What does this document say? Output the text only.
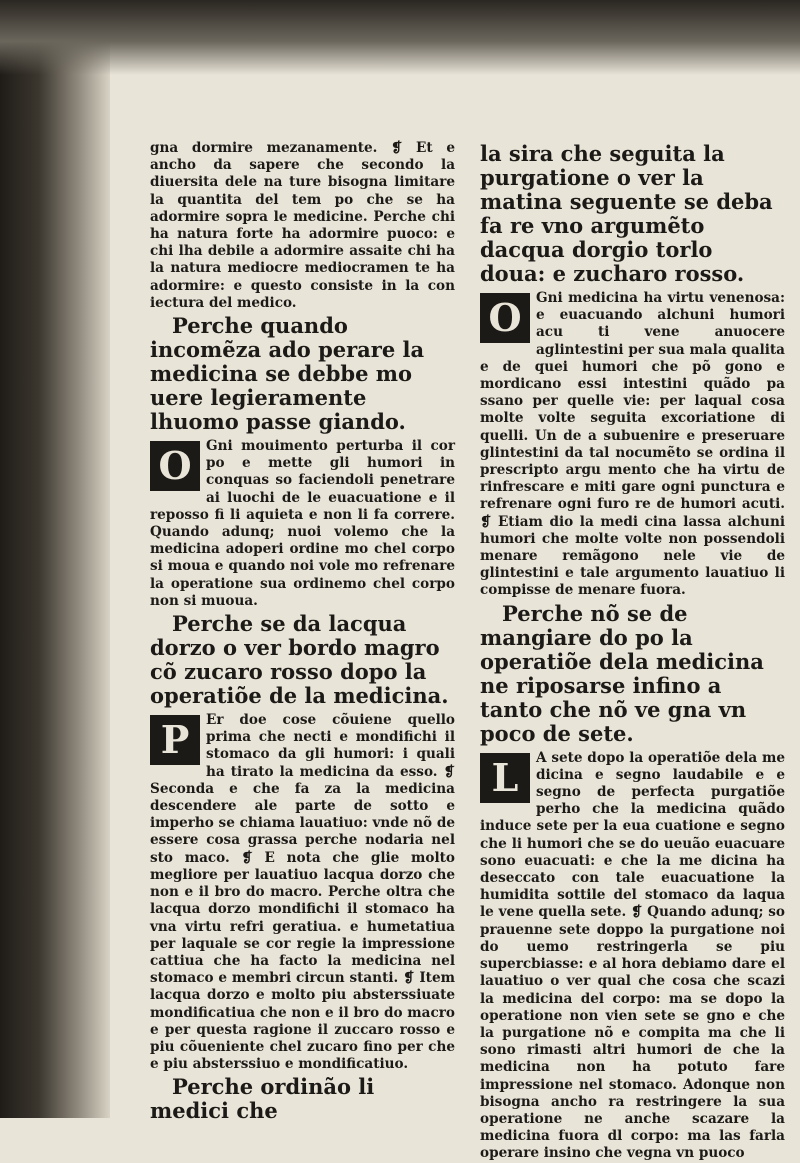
gna dormire mezanamente. ❡ Et e ancho da sapere che secondo la diuersita dele na ture bisogna limitare la quantita del tem po che se ha adormire sopra le medicine. Perche chi ha natura forte ha adormire puoco: e chi lha debile a adormire assaite chi ha la natura mediocre mediocramen te ha adormire: e questo consiste in la con iectura del medico.

Perche quando incomẽza ado perare la medicina se debbe mo uere legieramente lhuomo passe giando.

O	Gni mouimento perturba il cor po e mette gli humori in conquas so faciendoli penetrare ai luochi de le euacuatione e il reposso fi li aquieta e non li fa correre. Quando adunq; nuoi volemo che la medicina adoperi ordine mo chel corpo si moua e quando noi vole mo refrenare la operatione sua ordinemo chel corpo non si muoua.

Perche se da lacqua dorzo o ver bordo magro cõ zucaro rosso dopo la operatiõe de la medicina.

P	Er doe cose cõuiene quello prima che necti e mondifichi il stomaco da gli humori: i quali ha tirato la medicina da esso. ❡ Seconda e che fa za la medicina descendere ale parte de sotto e imperho se chiama lauatiuo: vnde nõ de essere cosa grassa perche nodaria nel sto maco. ❡ E nota che glie molto megliore per lauatiuo lacqua dorzo che non e il bro do macro. Perche oltra che lacqua dorzo mondifichi il stomaco ha vna virtu refri geratiua. e humetatiua per laquale se cor regie la impressione cattiua che ha facto la medicina nel stomaco e membri circun stanti. ❡ Item lacqua dorzo e molto piu absterssiuate mondificatiua che non e il bro do macro e per questa ragione il zuccaro rosso e piu cõueniente chel zucaro fino per che e piu absterssiuo e mondificatiuo.

Perche ordinão li medici che

la sira che seguita la purgatione o ver la matina seguente se deba fa re vno argumẽto dacqua dorgio torlo doua: e zucharo rosso.

O	Gni medicina ha virtu venenosa: e euacuando alchuni humori acu ti vene anuocere aglintestini per sua mala qualita e de quei humori che põ gono e mordicano essi intestini quãdo pa ssano per quelle vie: per laqual cosa molte volte seguita excoriatione di quelli. Un de a subuenire e preseruare glintestini da tal nocumẽto se ordina il prescripto argu mento che ha virtu de rinfrescare e miti gare ogni punctura e refrenare ogni furo re de humori acuti. ❡ Etiam dio la medi cina lassa alchuni humori che molte volte non possendoli menare remãgono nele vie de glintestini e tale argumento lauatiuo li compisse de menare fuora.

Perche nõ se de mangiare do po la operatiõe dela medicina ne riposarse infino a tanto che nõ ve gna vn poco de sete.

L	A sete dopo la operatiõe dela me dicina e segno laudabile e e segno de perfecta purgatiõe perho che la medicina quãdo induce sete per la eua cuatione e segno che li humori che se do ueuão euacuare sono euacuati: e che la me dicina ha deseccato con tale euacuatione la humidita sottile del stomaco da laqua le vene quella sete. ❡ Quando adunq; so prauenne sete doppo la purgatione noi do uemo restringerla se piu supercbiasse: e al hora debiamo dare el lauatiuo o ver qual che cosa che scazi la medicina del corpo: ma se dopo la operatione non vien sete se gno e che la purgatione nõ e compita ma che li sono rimasti altri humori de che la medicina non ha potuto fare impressione nel stomaco. Adonque non bisogna ancho ra restringere la sua operatione ne anche scazare la medicina fuora dl corpo: ma las farla operare insino che vegna vn puoco
